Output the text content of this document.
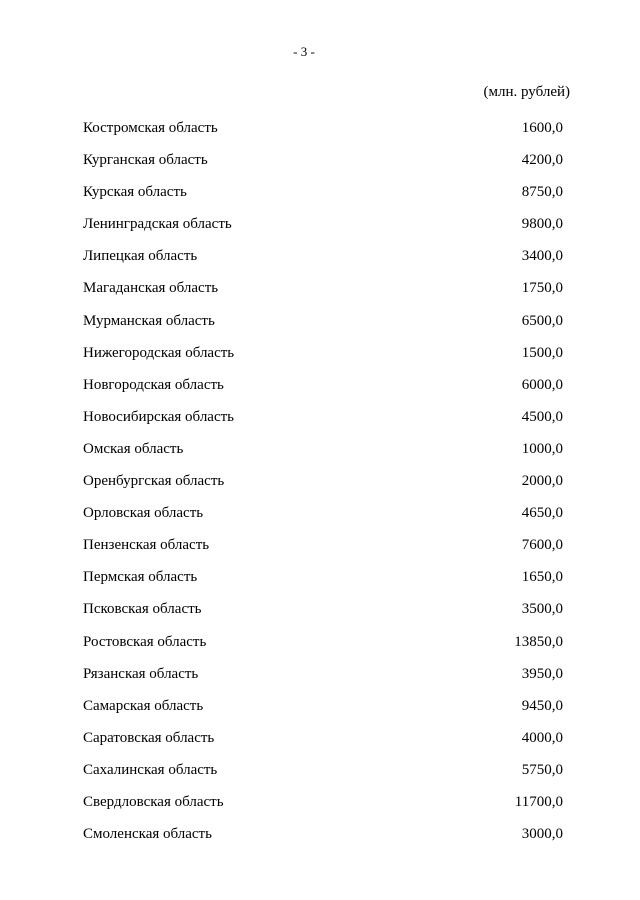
- 3 -
(млн. рублей)
Костромская область	1600,0
Курганская область	4200,0
Курская область	8750,0
Ленинградская область	9800,0
Липецкая область	3400,0
Магаданская область	1750,0
Мурманская область	6500,0
Нижегородская область	1500,0
Новгородская область	6000,0
Новосибирская область	4500,0
Омская область	1000,0
Оренбургская область	2000,0
Орловская область	4650,0
Пензенская область	7600,0
Пермская область	1650,0
Псковская область	3500,0
Ростовская область	13850,0
Рязанская область	3950,0
Самарская область	9450,0
Саратовская область	4000,0
Сахалинская область	5750,0
Свердловская область	11700,0
Смоленская область	3000,0
